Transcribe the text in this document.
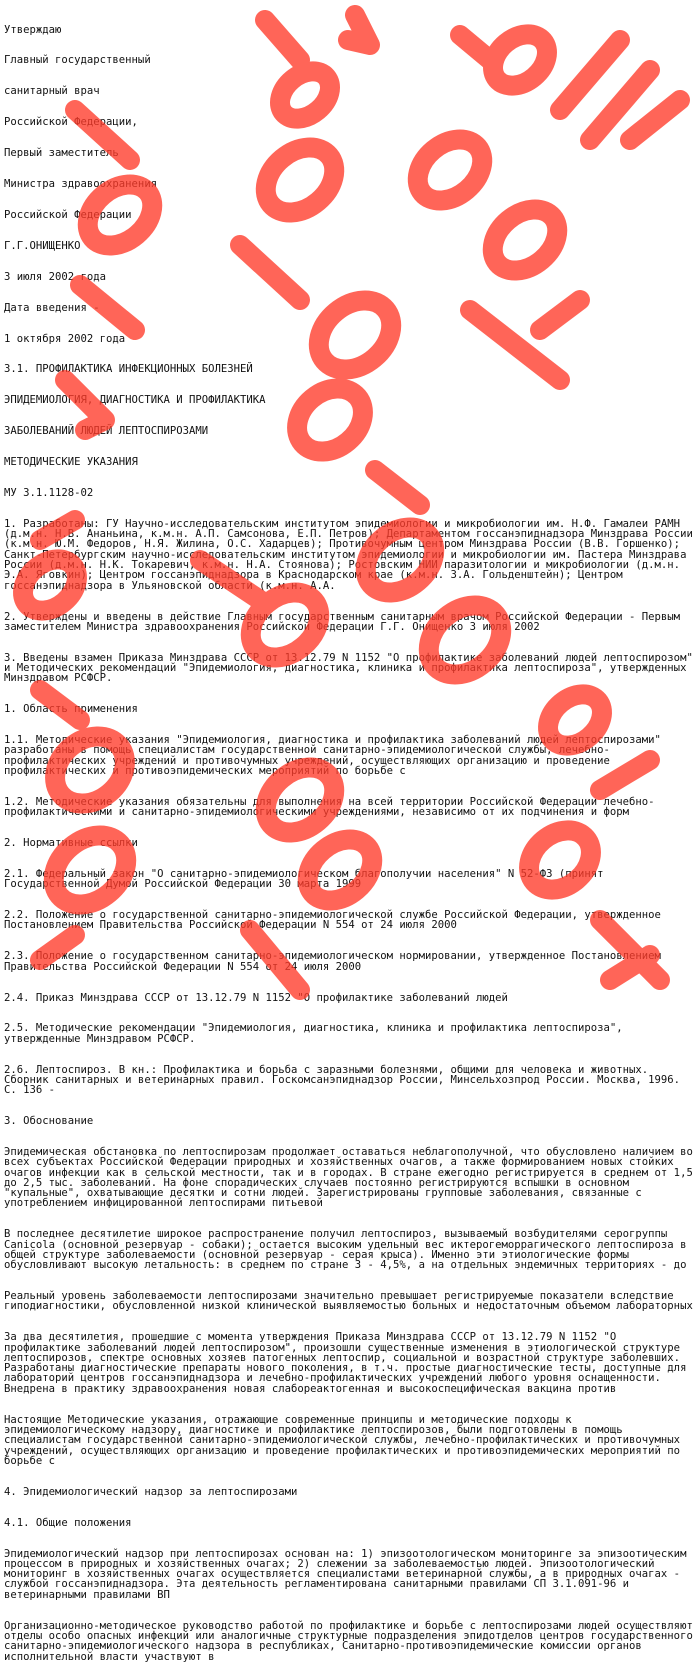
Утверждаю

Главный государственный

санитарный врач

Российской Федерации,

Первый заместитель

Министра здравоохранения

Российской Федерации

Г.Г.ОНИЩЕНКО

3 июля 2002 года

Дата введения -

1 октября 2002 года

3.1. ПРОФИЛАКТИКА ИНФЕКЦИОННЫХ БОЛЕЗНЕЙ

ЭПИДЕМИОЛОГИЯ, ДИАГНОСТИКА И ПРОФИЛАКТИКА

ЗАБОЛЕВАНИЙ ЛЮДЕЙ ЛЕПТОСПИРОЗАМИ

МЕТОДИЧЕСКИЕ УКАЗАНИЯ

МУ 3.1.1128-02

1. Разработаны: ГУ Научно-исследовательским институтом эпидемиологии и микробиологии им. Н.Ф. Гамалеи РАМН (д.м.н. Н.В. Ананьина, к.м.н. А.П. Самсонова, Е.П. Петров); Департаментом госсанэпиднадзора Минздрава России (к.м.н. Ю.М. Федоров, Н.Я. Жилина, О.С. Хадарцев); Противочумным центром Минздрава России (В.В. Горшенко); Санкт-Петербургским научно-исследовательским институтом эпидемиологии и микробиологии им. Пастера Минздрава России (д.м.н. Н.К. Токаревич, к.м.н. Н.А. Стоянова); Ростовским НИИ паразитологии и микробиологии (д.м.н. Э.А. Яговкин); Центром госсанэпиднадзора в Краснодарском крае (к.м.н. З.А. Гольденштейн); Центром госсанэпиднадзора в Ульяновской области (к.м.н. А.А.

2. Утверждены и введены в действие Главным государственным санитарным врачом Российской Федерации - Первым заместителем Министра здравоохранения Российской Федерации Г.Г. Онищенко 3 июля 2002

3. Введены взамен Приказа Минздрава СССР от 13.12.79 N 1152 "О профилактике заболеваний людей лептоспирозом" и Методических рекомендаций "Эпидемиология, диагностика, клиника и профилактика лептоспироза", утвержденных Минздравом РСФСР.

1. Область применения

1.1. Методические указания "Эпидемиология, диагностика и профилактика заболеваний людей лептоспирозами" разработаны в помощь специалистам государственной санитарно-эпидемиологической службы, лечебно-профилактических учреждений и противочумных учреждений, осуществляющих организацию и проведение профилактических и противоэпидемических мероприятий по борьбе с

1.2. Методические указания обязательны для выполнения на всей территории Российской Федерации лечебно-профилактическими и санитарно-эпидемиологическими учреждениями, независимо от их подчинения и форм

2. Нормативные ссылки

2.1. Федеральный закон "О санитарно-эпидемиологическом благополучии населения" N 52-ФЗ (принят Государственной Думой Российской Федерации 30 марта 1999

2.2. Положение о государственной санитарно-эпидемиологической службе Российской Федерации, утвержденное Постановлением Правительства Российской Федерации N 554 от 24 июля 2000

2.3. Положение о государственном санитарно-эпидемиологическом нормировании, утвержденное Постановлением Правительства Российской Федерации N 554 от 24 июля 2000

2.4. Приказ Минздрава СССР от 13.12.79 N 1152 "О профилактике заболеваний людей

2.5. Методические рекомендации "Эпидемиология, диагностика, клиника и профилактика лептоспироза", утвержденные Минздравом РСФСР.

2.6. Лептоспироз. В кн.: Профилактика и борьба с заразными болезнями, общими для человека и животных. Сборник санитарных и ветеринарных правил. Госкомсанэпиднадзор России, Минсельхозпрод России. Москва, 1996. С. 136 -

3. Обоснование

Эпидемическая обстановка по лептоспирозам продолжает оставаться неблагополучной, что обусловлено наличием во всех субъектах Российской Федерации природных и хозяйственных очагов, а также формированием новых стойких очагов инфекции как в сельской местности, так и в городах. В стране ежегодно регистрируется в среднем от 1,5 до 2,5 тыс. заболеваний. На фоне спорадических случаев постоянно регистрируются вспышки в основном "купальные", охватывающие десятки и сотни людей. Зарегистрированы групповые заболевания, связанные с употреблением инфицированной лептоспирами питьевой

В последнее десятилетие широкое распространение получил лептоспироз, вызываемый возбудителями серогруппы Canicola (основной резервуар - собаки); остается высоким удельный вес иктерогеморрагического лептоспироза в общей структуре заболеваемости (основной резервуар - серая крыса). Именно эти этиологические формы обусловливают высокую летальность: в среднем по стране 3 - 4,5%, а на отдельных эндемичных территориях - до

Реальный уровень заболеваемости лептоспирозами значительно превышает регистрируемые показатели вследствие гиподиагностики, обусловленной низкой клинической выявляемостью больных и недостаточным объемом лабораторных

За два десятилетия, прошедшие с момента утверждения Приказа Минздрава СССР от 13.12.79 N 1152 "О профилактике заболеваний людей лептоспирозом", произошли существенные изменения в этиологической структуре лептоспирозов, спектре основных хозяев патогенных лептоспир, социальной и возрастной структуре заболевших. Разработаны диагностические препараты нового поколения, в т.ч. простые диагностические тесты, доступные для лабораторий центров госсанэпиднадзора и лечебно-профилактических учреждений любого уровня оснащенности. Внедрена в практику здравоохранения новая слабореактогенная и высокоспецифическая вакцина против

Настоящие Методические указания, отражающие современные принципы и методические подходы к эпидемиологическому надзору, диагностике и профилактике лептоспирозов, были подготовлены в помощь специалистам государственной санитарно-эпидемиологической службы, лечебно-профилактических и противочумных учреждений, осуществляющих организацию и проведение профилактических и противоэпидемических мероприятий по борьбе с

4. Эпидемиологический надзор за лептоспирозами

4.1. Общие положения

Эпидемиологический надзор при лептоспирозах основан на: 1) эпизоотологическом мониторинге за эпизоотическим процессом в природных и хозяйственных очагах; 2) слежении за заболеваемостью людей. Эпизоотологический мониторинг в хозяйственных очагах осуществляется специалистами ветеринарной службы, а в природных очагах - службой госсанэпиднадзора. Эта деятельность регламентирована санитарными правилами СП 3.1.091-96 и ветеринарными правилами ВП

Организационно-методическое руководство работой по профилактике и борьбе с лептоспирозами людей осуществляют отделы особо опасных инфекций или аналогичные структурные подразделения эпидотделов центров государственного санитарно-эпидемиологического надзора в республиках, Санитарно-противоэпидемические комиссии органов исполнительной власти участвуют в
